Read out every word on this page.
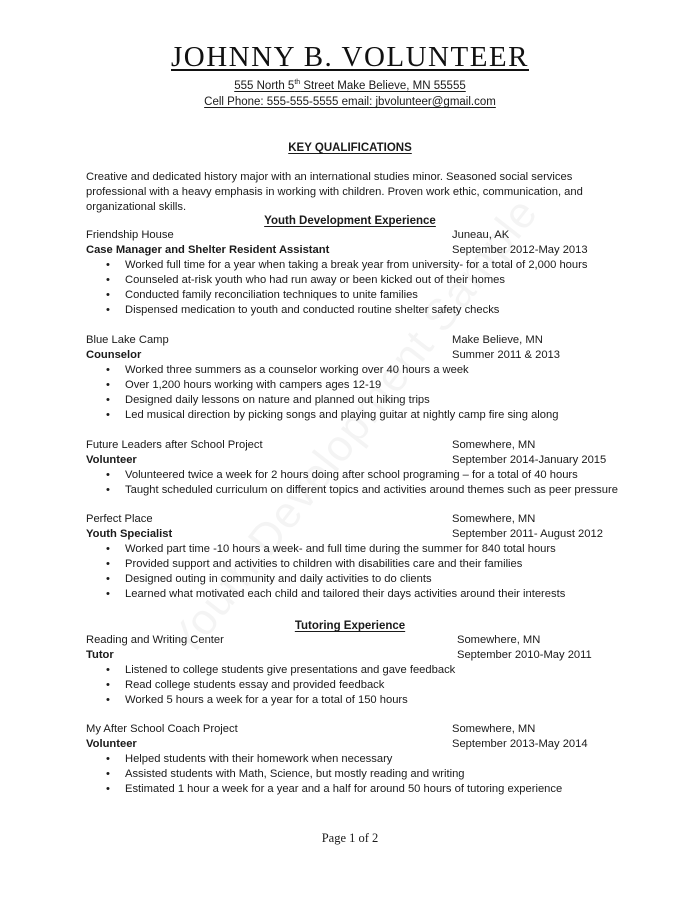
JOHNNY B. VOLUNTEER
555 North 5th Street Make Believe, MN 55555
Cell Phone: 555-555-5555 email: jbvolunteer@gmail.com
KEY QUALIFICATIONS
Creative and dedicated history major with an international studies minor. Seasoned social services professional with a heavy emphasis in working with children. Proven work ethic, communication, and organizational skills.
Youth Development Experience
Friendship House	Juneau, AK
Case Manager and Shelter Resident Assistant	September 2012-May 2013
• Worked full time for a year when taking a break year from university- for a total of 2,000 hours
• Counseled at-risk youth who had run away or been kicked out of their homes
• Conducted family reconciliation techniques to unite families
• Dispensed medication to youth and conducted routine shelter safety checks
Blue Lake Camp	Make Believe, MN
Counselor	Summer 2011 & 2013
• Worked three summers as a counselor working over 40 hours a week
• Over 1,200 hours working with campers ages 12-19
• Designed daily lessons on nature and planned out hiking trips
• Led musical direction by picking songs and playing guitar at nightly camp fire sing along
Future Leaders after School Project	Somewhere, MN
Volunteer	September 2014-January 2015
• Volunteered twice a week for 2 hours doing after school programing – for a total of 40 hours
• Taught scheduled curriculum on different topics and activities around themes such as peer pressure
Perfect Place	Somewhere, MN
Youth Specialist	September 2011- August 2012
• Worked part time -10 hours a week- and full time during the summer for 840 total hours
• Provided support and activities to children with disabilities care and their families
• Designed outing in community and daily activities to do clients
• Learned what motivated each child and tailored their days activities around their interests
Tutoring Experience
Reading and Writing Center	Somewhere, MN
Tutor	September 2010-May 2011
• Listened to college students give presentations and gave feedback
• Read college students essay and provided feedback
• Worked 5 hours a week for a year for a total of 150 hours
My After School Coach Project	Somewhere, MN
Volunteer	September 2013-May 2014
• Helped students with their homework when necessary
• Assisted students with Math, Science, but mostly reading and writing
• Estimated 1 hour a week for a year and a half for around 50 hours of tutoring experience
Page 1 of 2
